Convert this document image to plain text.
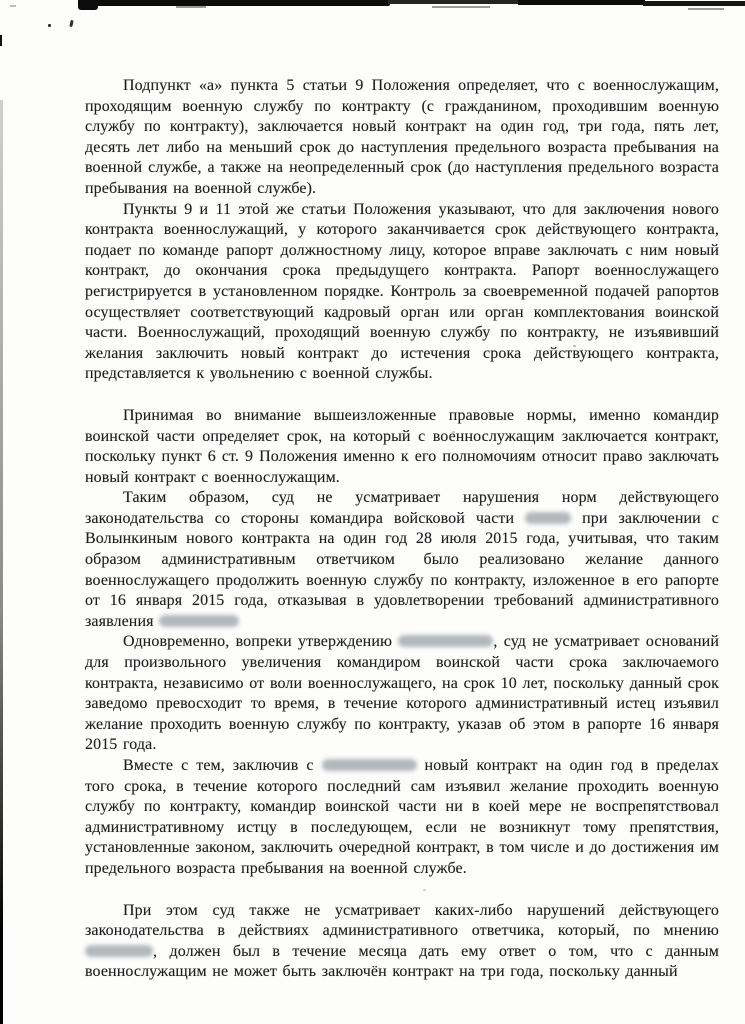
Подпункт «а» пункта 5 статьи 9 Положения определяет, что с военнослужащим, проходящим военную службу по контракту (с гражданином, проходившим военную службу по контракту), заключается новый контракт на один год, три года, пять лет, десять лет либо на меньший срок до наступления предельного возраста пребывания на военной службе, а также на неопределенный срок (до наступления предельного возраста пребывания на военной службе).

Пункты 9 и 11 этой же статьи Положения указывают, что для заключения нового контракта военнослужащий, у которого заканчивается срок действующего контракта, подает по команде рапорт должностному лицу, которое вправе заключать с ним новый контракт, до окончания срока предыдущего контракта. Рапорт военнослужащего регистрируется в установленном порядке. Контроль за своевременной подачей рапортов осуществляет соответствующий кадровый орган или орган комплектования воинской части. Военнослужащий, проходящий военную службу по контракту, не изъявивший желания заключить новый контракт до истечения срока действующего контракта, представляется к увольнению с военной службы.

Принимая во внимание вышеизложенные правовые нормы, именно командир воинской части определяет срок, на который с военнослужащим заключается контракт, поскольку пункт 6 ст. 9 Положения именно к его полномочиям относит право заключать новый контракт с военнослужащим.

Таким образом, суд не усматривает нарушения норм действующего законодательства со стороны командира войсковой части	при заключении с Волынкиным нового контракта на один год 28 июля 2015 года, учитывая, что таким образом административным ответчиком  было реализовано желание данного военнослужащего продолжить военную службу по контракту, изложенное в его рапорте от 16 января 2015 года, отказывая в удовлетворении требований административного заявления

Одновременно, вопреки утверждению	, суд не усматривает оснований для произвольного увеличения командиром воинской части срока заключаемого контракта, независимо от воли военнослужащего, на срок 10 лет, поскольку данный срок заведомо превосходит то время, в течение которого административный истец изъявил желание проходить военную службу по контракту, указав об этом в рапорте 16 января 2015 года.

Вместе с тем, заключив с	новый контракт на один год в пределах того срока, в течение которого последний сам изъявил желание проходить военную службу по контракту, командир воинской части ни в коей мере не воспрепятствовал административному истцу в последующем, если не возникнут тому препятствия, установленные законом, заключить очередной контракт, в том числе и до достижения им предельного возраста пребывания на военной службе.

При этом суд также не усматривает каких-либо нарушений действующего законодательства в действиях административного ответчика, который, по мнению , должен был в течение месяца дать ему ответ о том, что с данным военнослужащим не может быть заключён контракт на три года, поскольку данный
